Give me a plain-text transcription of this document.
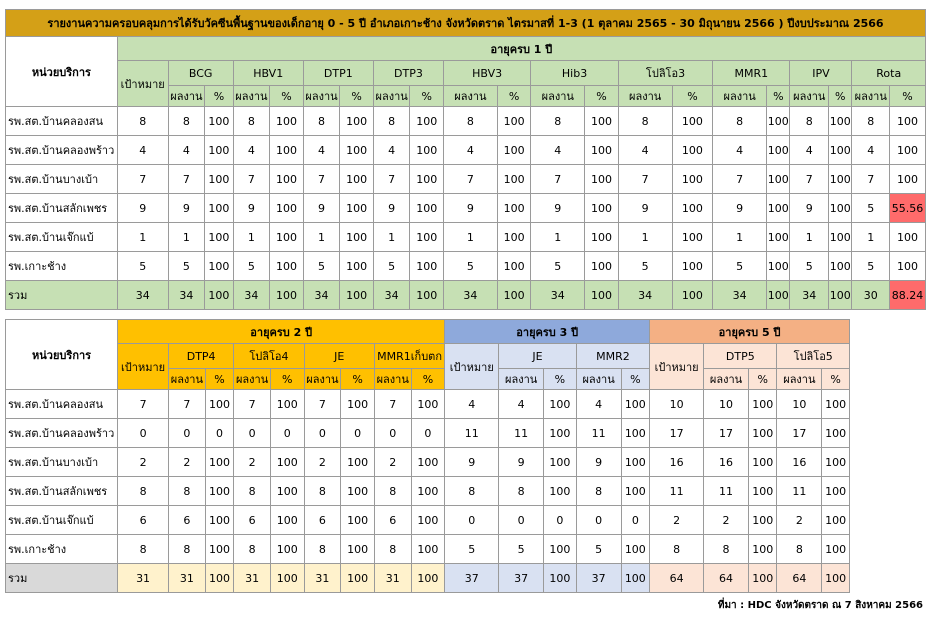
รายงานความครอบคลุมการได้รับวัคซีนพื้นฐานของเด็กอายุ 0 - 5 ปี อำเภอเกาะช้าง จังหวัดตราด ไตรมาสที่ 1-3 (1 ตุลาคม 2565 - 30 มิถุนายน 2566 ) ปีงบประมาณ 2566																					
หน่วยบริการ	อายุครบ 1 ปี																				
	เป้าหมาย	BCG		HBV1		DTP1		DTP3		HBV3		Hib3		โปลิโอ3		MMR1		IPV		Rota	
		ผลงาน	%	ผลงาน	%	ผลงาน	%	ผลงาน	%	ผลงาน	%	ผลงาน	%	ผลงาน	%	ผลงาน	%	ผลงาน	%	ผลงาน	%
รพ.สต.บ้านคลองสน	8	8	100	8	100	8	100	8	100	8	100	8	100	8	100	8	100	8	100	8	100
รพ.สต.บ้านคลองพร้าว	4	4	100	4	100	4	100	4	100	4	100	4	100	4	100	4	100	4	100	4	100
รพ.สต.บ้านบางเบ้า	7	7	100	7	100	7	100	7	100	7	100	7	100	7	100	7	100	7	100	7	100
รพ.สต.บ้านสลักเพชร	9	9	100	9	100	9	100	9	100	9	100	9	100	9	100	9	100	9	100	5	55.56
รพ.สต.บ้านเจ๊กแบ้	1	1	100	1	100	1	100	1	100	1	100	1	100	1	100	1	100	1	100	1	100
รพ.เกาะช้าง	5	5	100	5	100	5	100	5	100	5	100	5	100	5	100	5	100	5	100	5	100
รวม	34	34	100	34	100	34	100	34	100	34	100	34	100	34	100	34	100	34	100	30	88.24
หน่วยบริการ	อายุครบ 2 ปี									อายุครบ 3 ปี					อายุครบ 5 ปี				
	เป้าหมาย	DTP4		โปลิโอ4		JE		MMR1เก็บตก		เป้าหมาย	JE		MMR2		เป้าหมาย	DTP5		โปลิโอ5	
		ผลงาน	%	ผลงาน	%	ผลงาน	%	ผลงาน	%		ผลงาน	%	ผลงาน	%		ผลงาน	%	ผลงาน	%
รพ.สต.บ้านคลองสน	7	7	100	7	100	7	100	7	100	4	4	100	4	100	10	10	100	10	100
รพ.สต.บ้านคลองพร้าว	0	0	0	0	0	0	0	0	0	11	11	100	11	100	17	17	100	17	100
รพ.สต.บ้านบางเบ้า	2	2	100	2	100	2	100	2	100	9	9	100	9	100	16	16	100	16	100
รพ.สต.บ้านสลักเพชร	8	8	100	8	100	8	100	8	100	8	8	100	8	100	11	11	100	11	100
รพ.สต.บ้านเจ๊กแบ้	6	6	100	6	100	6	100	6	100	0	0	0	0	0	2	2	100	2	100
รพ.เกาะช้าง	8	8	100	8	100	8	100	8	100	5	5	100	5	100	8	8	100	8	100
รวม	31	31	100	31	100	31	100	31	100	37	37	100	37	100	64	64	100	64	100
ที่มา : HDC จังหวัดตราด ณ 7 สิงหาคม 2566
